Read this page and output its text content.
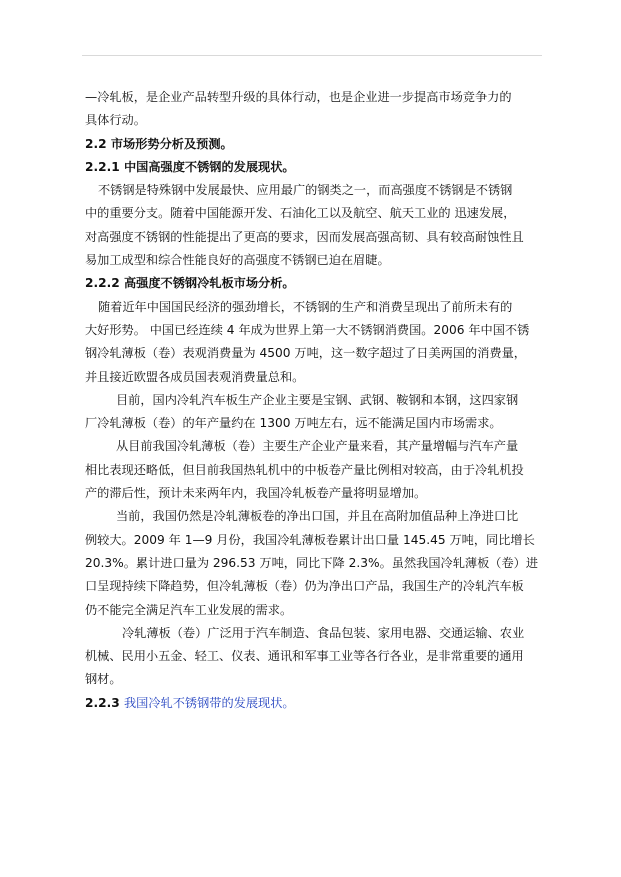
—冷轧板，是企业产品转型升级的具体行动，也是企业进一步提高市场竞争力的

具体行动。

2.2 市场形势分析及预测。

2.2.1 中国高强度不锈钢的发展现状。

不锈钢是特殊钢中发展最快、应用最广的钢类之一，而高强度不锈钢是不锈钢

中的重要分支。随着中国能源开发、石油化工以及航空、航天工业的 迅速发展，

对高强度不锈钢的性能提出了更高的要求，因而发展高强高韧、具有较高耐蚀性且

易加工成型和综合性能良好的高强度不锈钢已迫在眉睫。

2.2.2 高强度不锈钢冷轧板市场分析。

随着近年中国国民经济的强劲增长，不锈钢的生产和消费呈现出了前所未有的

大好形势。 中国已经连续 4 年成为世界上第一大不锈钢消费国。2006 年中国不锈

钢冷轧薄板（卷）表观消费量为 4500 万吨，这一数字超过了日美两国的消费量，

并且接近欧盟各成员国表观消费量总和。

目前，国内冷轧汽车板生产企业主要是宝钢、武钢、鞍钢和本钢，这四家钢

厂冷轧薄板（卷）的年产量约在 1300 万吨左右，远不能满足国内市场需求。

从目前我国冷轧薄板（卷）主要生产企业产量来看，其产量增幅与汽车产量

相比表现还略低，但目前我国热轧机中的中板卷产量比例相对较高，由于冷轧机投

产的滞后性，预计未来两年内，我国冷轧板卷产量将明显增加。

当前，我国仍然是冷轧薄板卷的净出口国，并且在高附加值品种上净进口比

例较大。2009 年 1—9 月份，我国冷轧薄板卷累计出口量 145.45 万吨，同比增长

20.3%。累计进口量为 296.53 万吨，同比下降 2.3%。虽然我国冷轧薄板（卷）进

口呈现持续下降趋势，但冷轧薄板（卷）仍为净出口产品，我国生产的冷轧汽车板

仍不能完全满足汽车工业发展的需求。

冷轧薄板（卷）广泛用于汽车制造、食品包装、家用电器、交通运输、农业

机械、民用小五金、轻工、仪表、通讯和军事工业等各行各业，是非常重要的通用

钢材。

2.2.3 我国冷轧不锈钢带的发展现状。
